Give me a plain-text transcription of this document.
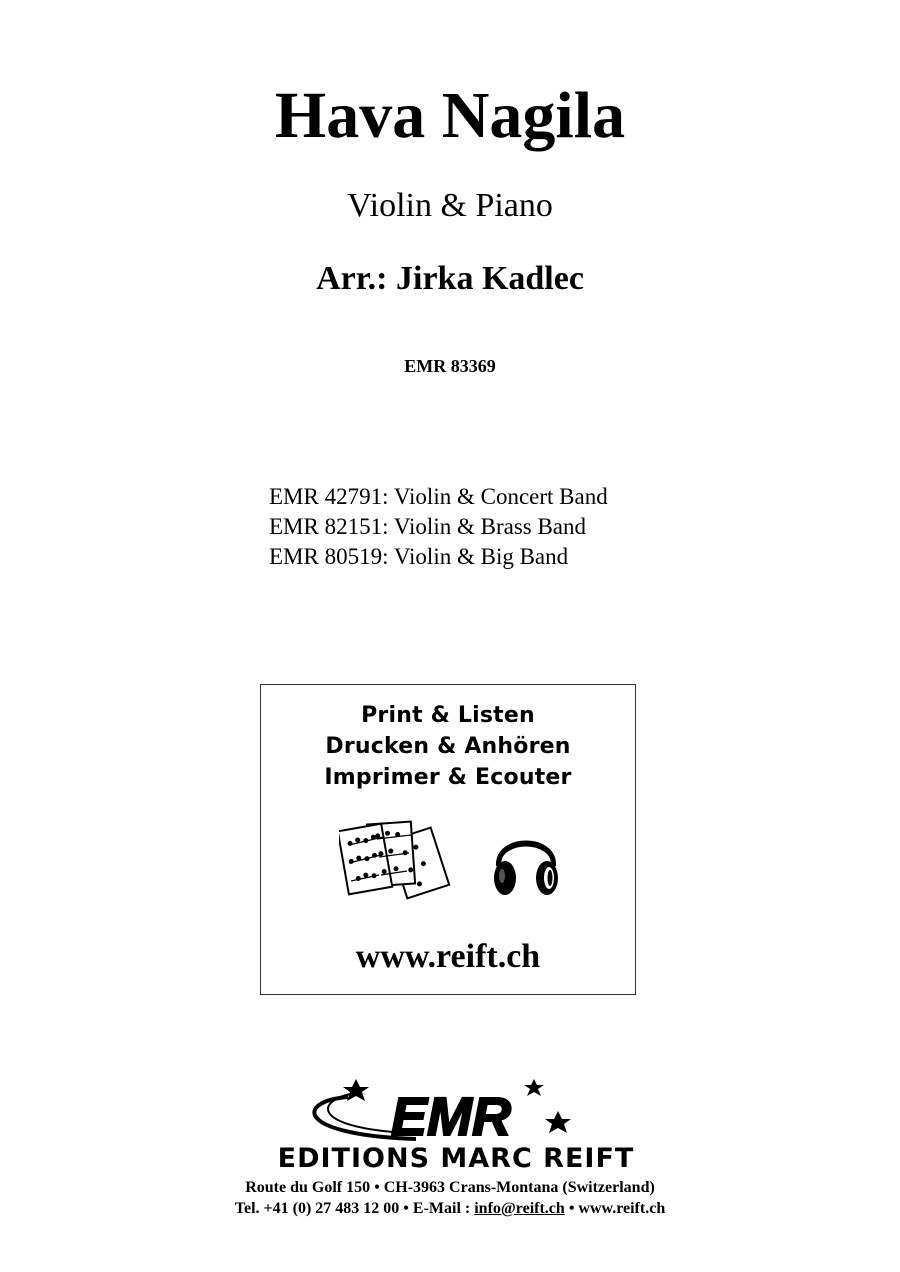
Hava Nagila
Violin & Piano
Arr.: Jirka Kadlec
EMR 83369
EMR 42791: Violin & Concert Band
EMR 82151: Violin & Brass Band
EMR 80519: Violin & Big Band
Print & Listen
Drucken & Anhören
Imprimer & Ecouter
www.reift.ch
EMR
EDITIONS MARC REIFT
Route du Golf 150 • CH-3963 Crans-Montana (Switzerland)
Tel. +41 (0) 27 483 12 00 • E-Mail : info@reift.ch • www.reift.ch
